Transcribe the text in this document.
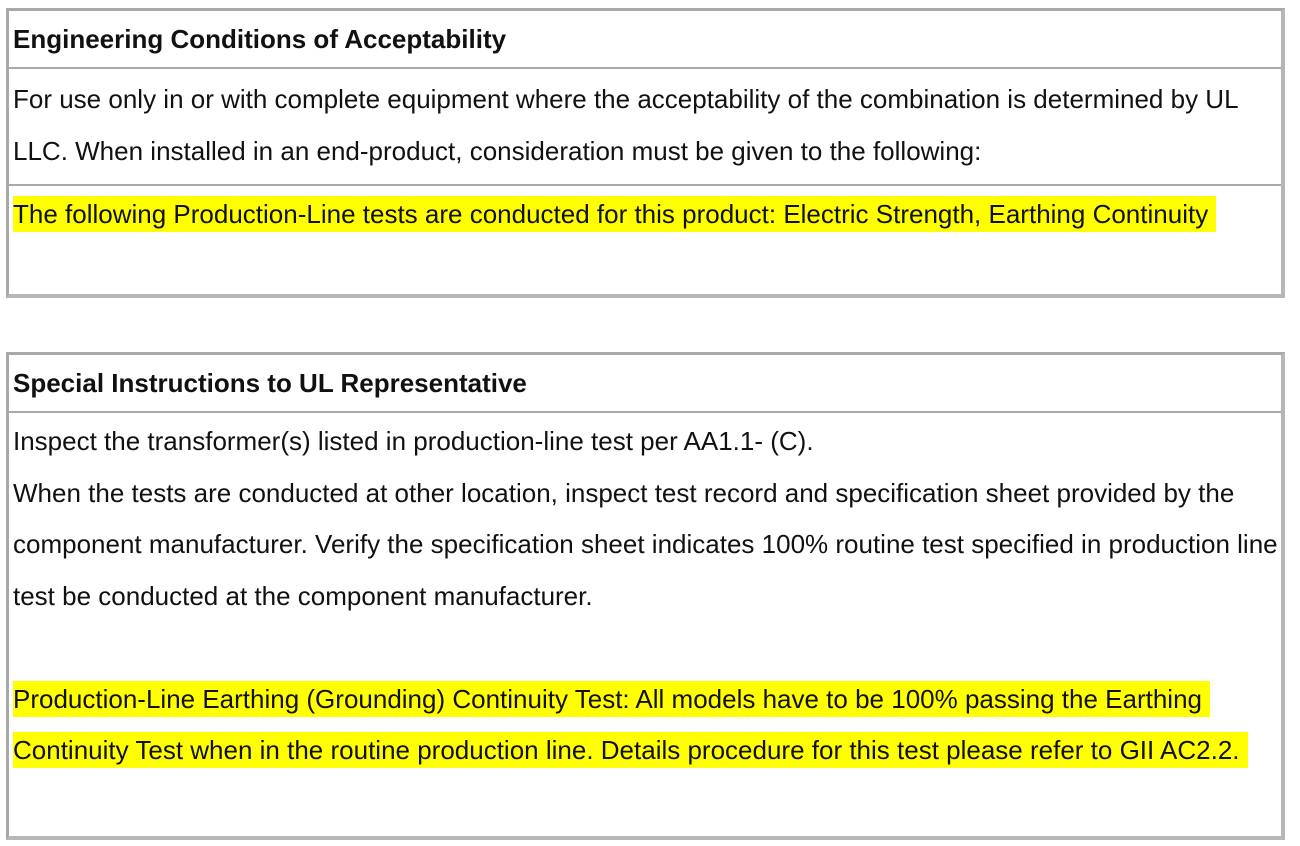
Engineering Conditions of Acceptability
For use only in or with complete equipment where the acceptability of the combination is determined by UL LLC. When installed in an end-product, consideration must be given to the following:
The following Production-Line tests are conducted for this product: Electric Strength, Earthing Continuity
Special Instructions to UL Representative
Inspect the transformer(s) listed in production-line test per AA1.1- (C).
When the tests are conducted at other location, inspect test record and specification sheet provided by the component manufacturer. Verify the specification sheet indicates 100% routine test specified in production line test be conducted at the component manufacturer.
Production-Line Earthing (Grounding) Continuity Test: All models have to be 100% passing the Earthing Continuity Test when in the routine production line. Details procedure for this test please refer to GII AC2.2.
